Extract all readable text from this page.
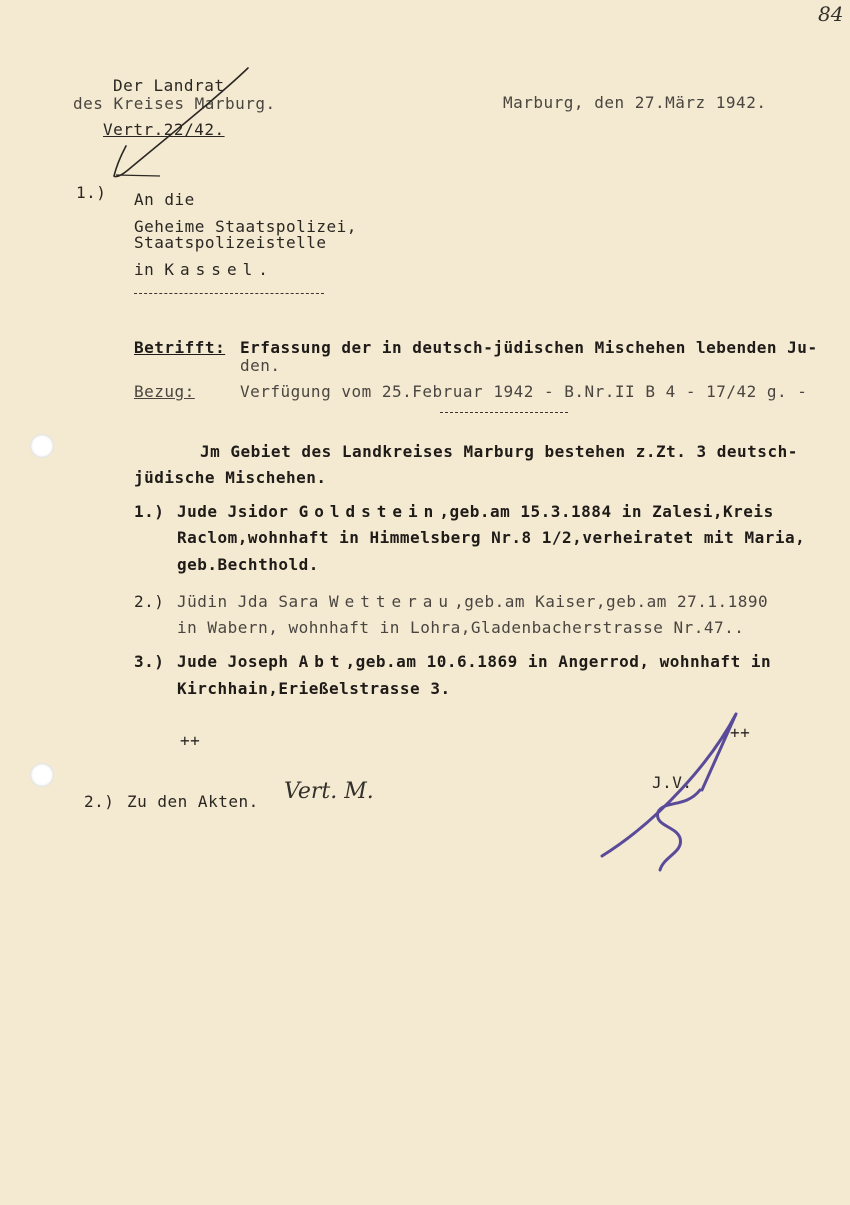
84
Der Landrat
des Kreises Marburg.
Vertr.22/42.
Marburg, den 27.März 1942.
1.) An die
Geheime Staatspolizei,
Staatspolizeistelle
in Kassel.
Betrifft: Erfassung der in deutsch-jüdischen Mischehen lebenden Ju-
den.
Bezug:	Verfügung vom 25.Februar 1942 - B.Nr.II B 4 - 17/42 g. -
Jm Gebiet des Landkreises Marburg bestehen z.Zt. 3 deutsch-
jüdische Mischehen.
1.) Jude Jsidor Goldstein,geb.am 15.3.1884 in Zalesi,Kreis
Raclom,wohnhaft in Himmelsberg Nr.8 1/2,verheiratet mit Maria,
geb.Bechthold.
2.) Jüdin Jda Sara Wetterau,geb.am Kaiser,geb.am 27.1.1890
in Wabern, wohnhaft in Lohra,Gladenbacherstrasse Nr.47..
3.) Jude Joseph Abt,geb.am 10.6.1869 in Angerrod, wohnhaft in
Kirchhain,Erießelstrasse 3.
++	++
J.V.
2.) Zu den Akten. Vert. M.
